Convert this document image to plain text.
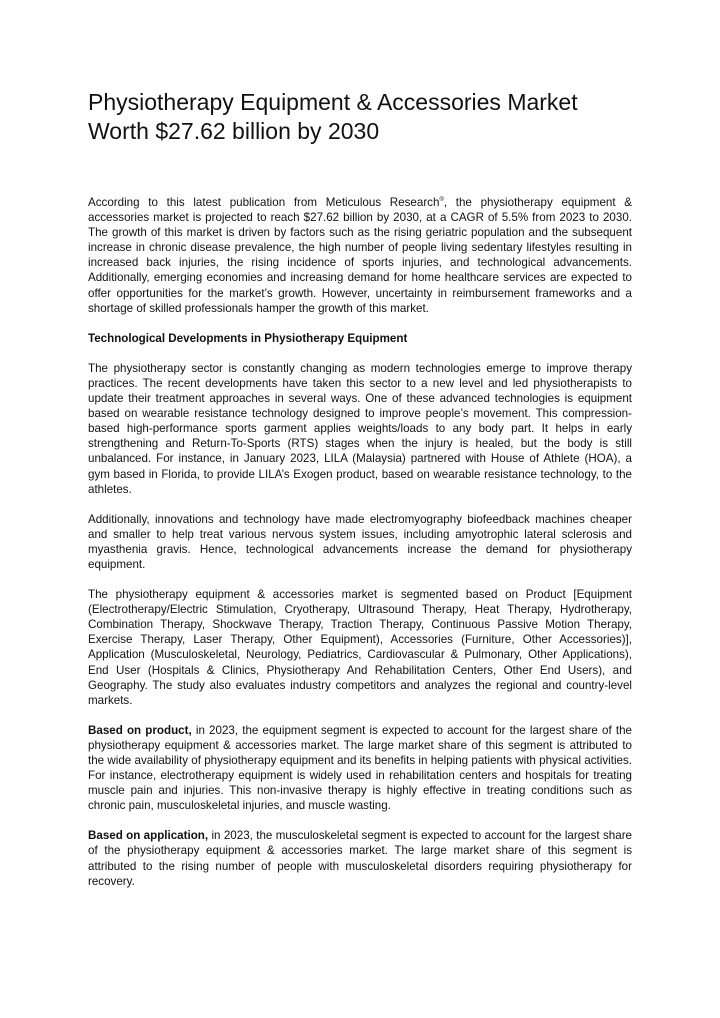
Physiotherapy Equipment & Accessories Market Worth $27.62 billion by 2030

According to this latest publication from Meticulous Research®, the physiotherapy equipment & accessories market is projected to reach $27.62 billion by 2030, at a CAGR of 5.5% from 2023 to 2030. The growth of this market is driven by factors such as the rising geriatric population and the subsequent increase in chronic disease prevalence, the high number of people living sedentary lifestyles resulting in increased back injuries, the rising incidence of sports injuries, and technological advancements. Additionally, emerging economies and increasing demand for home healthcare services are expected to offer opportunities for the market’s growth. However, uncertainty in reimbursement frameworks and a shortage of skilled professionals hamper the growth of this market.

Technological Developments in Physiotherapy Equipment

The physiotherapy sector is constantly changing as modern technologies emerge to improve therapy practices. The recent developments have taken this sector to a new level and led physiotherapists to update their treatment approaches in several ways. One of these advanced technologies is equipment based on wearable resistance technology designed to improve people’s movement. This compression-based high-performance sports garment applies weights/loads to any body part. It helps in early strengthening and Return-To-Sports (RTS) stages when the injury is healed, but the body is still unbalanced. For instance, in January 2023, LILA (Malaysia) partnered with House of Athlete (HOA), a gym based in Florida, to provide LILA’s Exogen product, based on wearable resistance technology, to the athletes.

Additionally, innovations and technology have made electromyography biofeedback machines cheaper and smaller to help treat various nervous system issues, including amyotrophic lateral sclerosis and myasthenia gravis. Hence, technological advancements increase the demand for physiotherapy equipment.

The physiotherapy equipment & accessories market is segmented based on Product [Equipment (Electrotherapy/Electric Stimulation, Cryotherapy, Ultrasound Therapy, Heat Therapy, Hydrotherapy, Combination Therapy, Shockwave Therapy, Traction Therapy, Continuous Passive Motion Therapy, Exercise Therapy, Laser Therapy, Other Equipment), Accessories (Furniture, Other Accessories)], Application (Musculoskeletal, Neurology, Pediatrics, Cardiovascular & Pulmonary, Other Applications), End User (Hospitals & Clinics, Physiotherapy And Rehabilitation Centers, Other End Users), and Geography. The study also evaluates industry competitors and analyzes the regional and country-level markets.

Based on product, in 2023, the equipment segment is expected to account for the largest share of the physiotherapy equipment & accessories market. The large market share of this segment is attributed to the wide availability of physiotherapy equipment and its benefits in helping patients with physical activities. For instance, electrotherapy equipment is widely used in rehabilitation centers and hospitals for treating muscle pain and injuries. This non-invasive therapy is highly effective in treating conditions such as chronic pain, musculoskeletal injuries, and muscle wasting.

Based on application, in 2023, the musculoskeletal segment is expected to account for the largest share of the physiotherapy equipment & accessories market. The large market share of this segment is attributed to the rising number of people with musculoskeletal disorders requiring physiotherapy for recovery.
